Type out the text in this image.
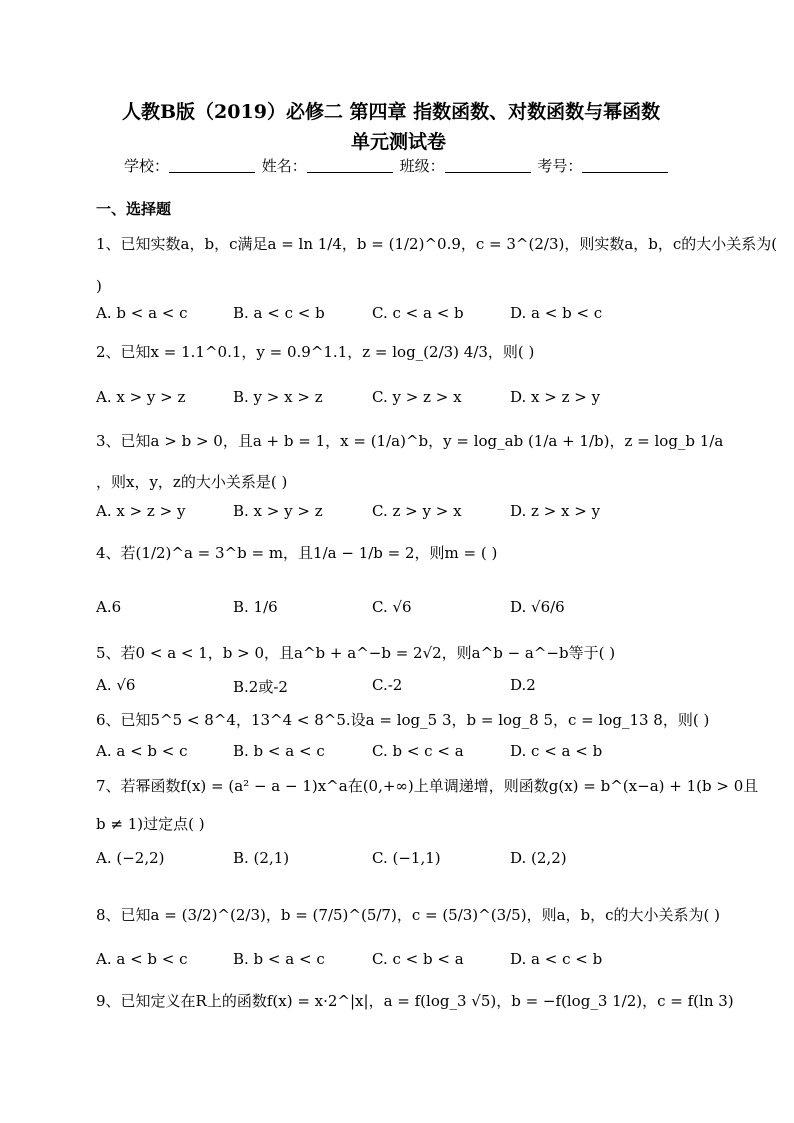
人教B版（2019）必修二 第四章 指数函数、对数函数与幂函数
单元测试卷
学校：	姓名：	班级：	考号：
一、选择题
1、已知实数a，b，c满足a = ln 1/4，b = (1/2)^0.9，c = 3^(2/3)，则实数a，b，c的大小关系为(
)
A. b < a < c	B. a < c < b	C. c < a < b	D. a < b < c
2、已知x = 1.1^0.1，y = 0.9^1.1，z = log_(2/3) 4/3，则( )
A. x > y > z	B. y > x > z	C. y > z > x	D. x > z > y
3、已知a > b > 0，且a + b = 1，x = (1/a)^b，y = log_ab (1/a + 1/b)，z = log_b 1/a
，则x，y，z的大小关系是( )
A. x > z > y	B. x > y > z	C. z > y > x	D. z > x > y
4、若(1/2)^a = 3^b = m，且1/a − 1/b = 2，则m = ( )
A.6	B. 1/6	C. √6	D. √6/6
5、若0 < a < 1，b > 0，且a^b + a^−b = 2√2，则a^b − a^−b等于( )
A. √6	B.2或-2	C.-2	D.2
6、已知5^5 < 8^4，13^4 < 8^5.设a = log_5 3，b = log_8 5，c = log_13 8，则( )
A. a < b < c	B. b < a < c	C. b < c < a	D. c < a < b
7、若幂函数f(x) = (a² − a − 1)x^a在(0,+∞)上单调递增，则函数g(x) = b^(x−a) + 1(b > 0且
b ≠ 1)过定点( )
A. (−2,2)	B. (2,1)	C. (−1,1)	D. (2,2)
8、已知a = (3/2)^(2/3)，b = (7/5)^(5/7)，c = (5/3)^(3/5)，则a，b，c的大小关系为( )
A. a < b < c	B. b < a < c	C. c < b < a	D. a < c < b
9、已知定义在R上的函数f(x) = x·2^|x|，a = f(log_3 √5)，b = −f(log_3 1/2)，c = f(ln 3)
